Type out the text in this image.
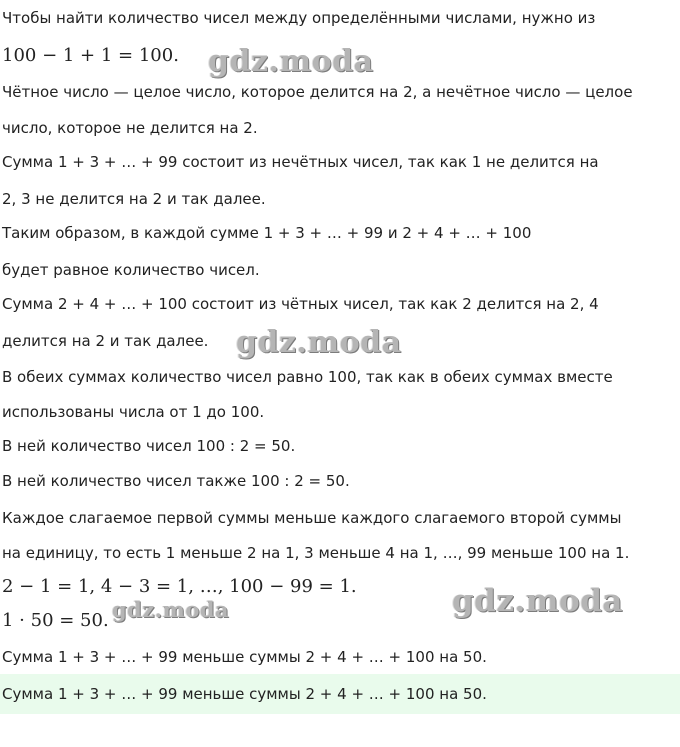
Чтобы найти количество чисел между определёнными числами, нужно из
100 − 1 + 1 = 100.
Чётное число — целое число, которое делится на 2, а нечётное число — целое
число, которое не делится на 2.
Сумма 1 + 3 + … + 99 состоит из нечётных чисел, так как 1 не делится на
2, 3 не делится на 2 и так далее.
Таким образом, в каждой сумме 1 + 3 + … + 99 и 2 + 4 + … + 100
будет равное количество чисел.
Сумма 2 + 4 + … + 100 состоит из чётных чисел, так как 2 делится на 2, 4
делится на 2 и так далее.
В обеих суммах количество чисел равно 100, так как в обеих суммах вместе
использованы числа от 1 до 100.
В ней количество чисел 100 : 2 = 50.
В ней количество чисел также 100 : 2 = 50.
Каждое слагаемое первой суммы меньше каждого слагаемого второй суммы
на единицу, то есть 1 меньше 2 на 1, 3 меньше 4 на 1, …, 99 меньше 100 на 1.
2 − 1 = 1, 4 − 3 = 1, …, 100 − 99 = 1.
1 · 50 = 50.
Сумма 1 + 3 + … + 99 меньше суммы 2 + 4 + … + 100 на 50.
Сумма 1 + 3 + … + 99 меньше суммы 2 + 4 + … + 100 на 50.
gdz.moda
gdz.moda
gdz.moda	gdz.moda
